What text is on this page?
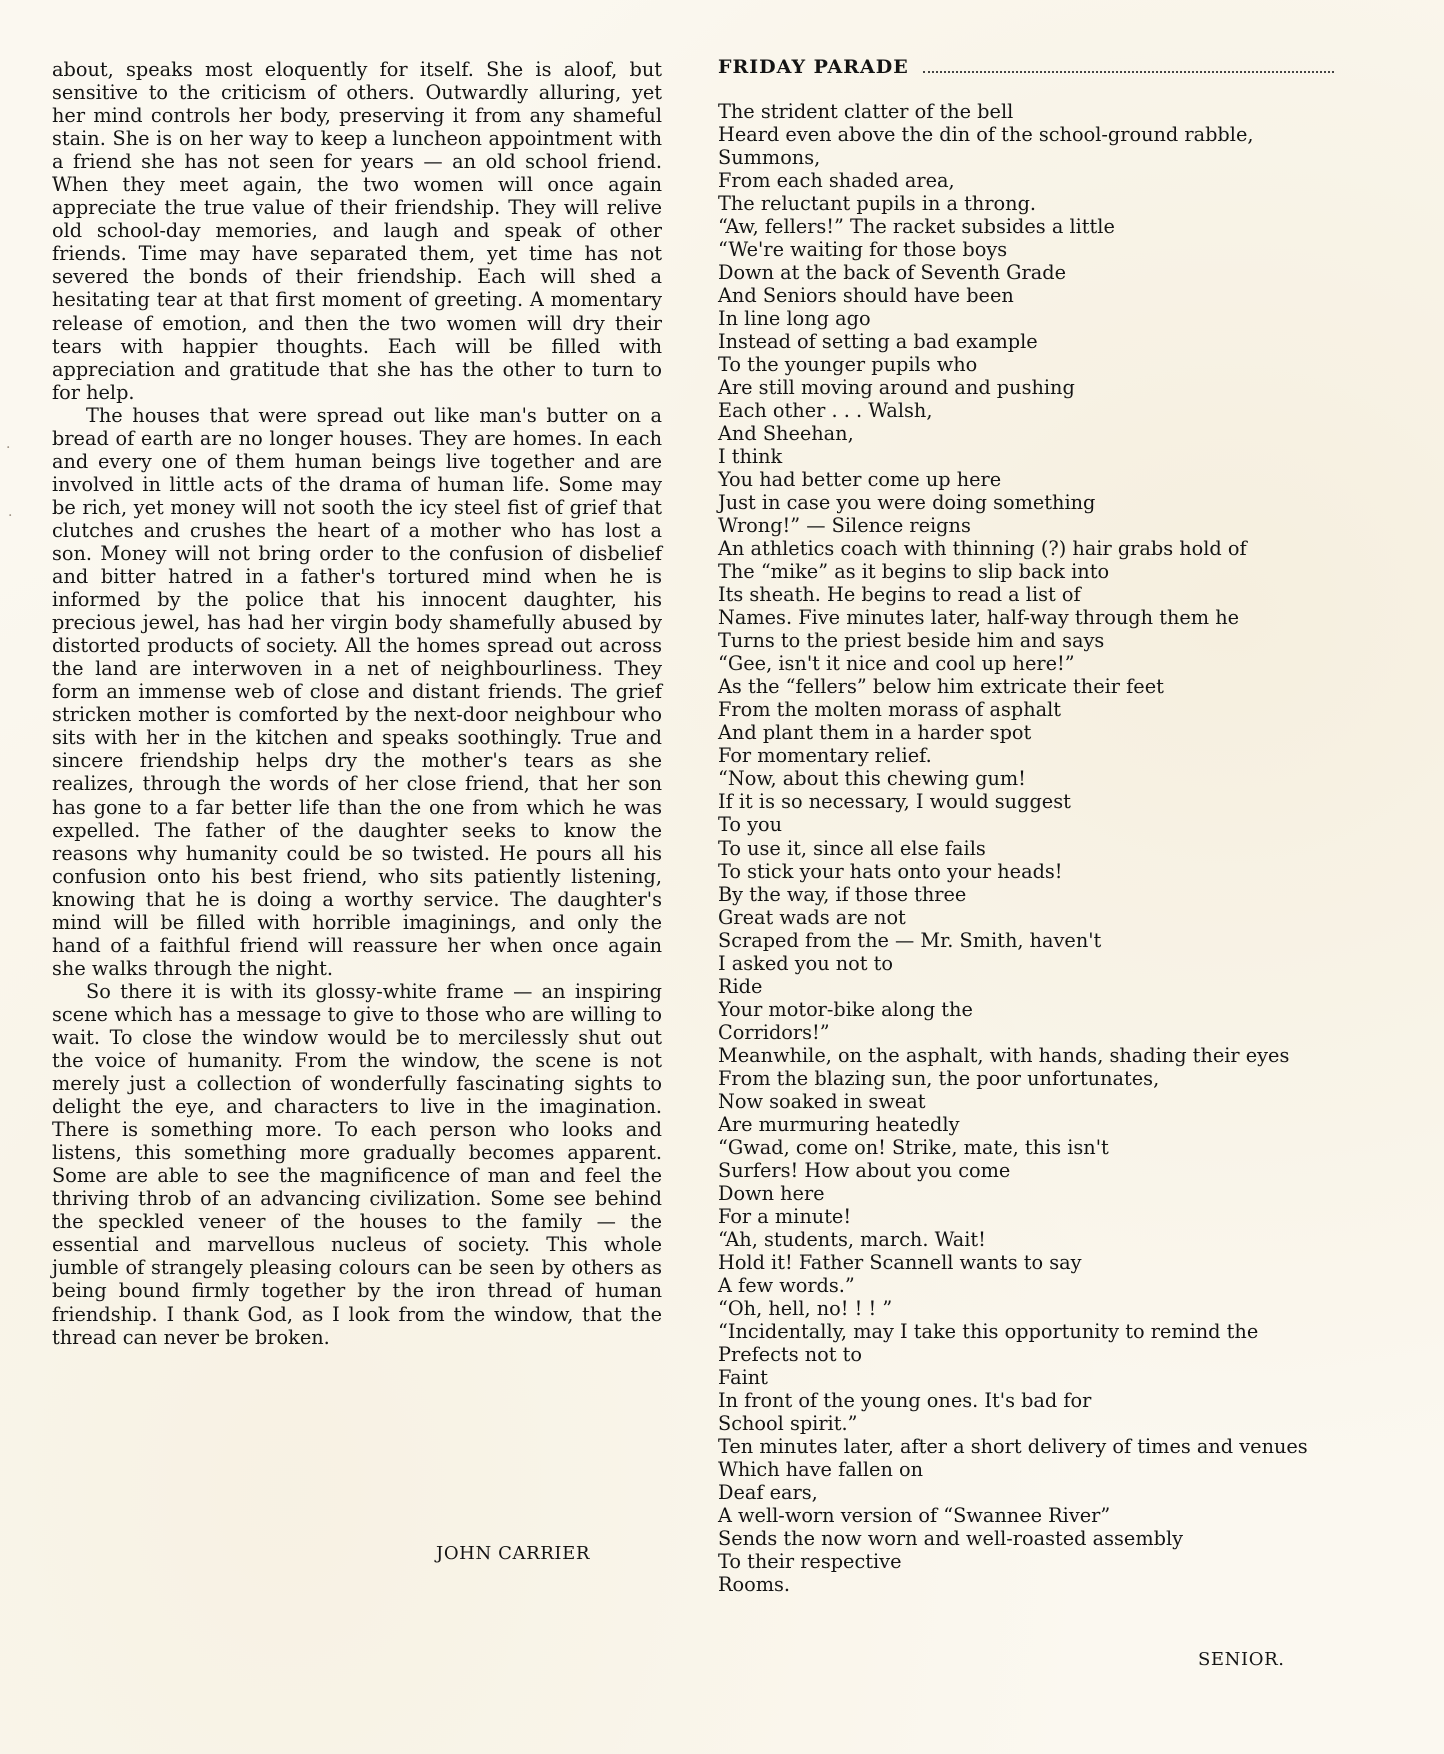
about, speaks most eloquently for itself. She is aloof, but sensitive to the criticism of others. Outwardly alluring, yet her mind controls her body, preserving it from any shameful stain. She is on her way to keep a luncheon appointment with a friend she has not seen for years — an old school friend. When they meet again, the two women will once again appreciate the true value of their friendship. They will relive old school-day memories, and laugh and speak of other friends. Time may have separated them, yet time has not severed the bonds of their friendship. Each will shed a hesitating tear at that first moment of greeting. A momentary release of emotion, and then the two women will dry their tears with happier thoughts. Each will be filled with appreciation and gratitude that she has the other to turn to for help.

The houses that were spread out like man's butter on a bread of earth are no longer houses. They are homes. In each and every one of them human beings live together and are involved in little acts of the drama of human life. Some may be rich, yet money will not sooth the icy steel fist of grief that clutches and crushes the heart of a mother who has lost a son. Money will not bring order to the confusion of disbelief and bitter hatred in a father's tortured mind when he is informed by the police that his innocent daughter, his precious jewel, has had her virgin body shamefully abused by distorted products of society. All the homes spread out across the land are interwoven in a net of neighbourliness. They form an immense web of close and distant friends. The grief stricken mother is comforted by the next-door neighbour who sits with her in the kitchen and speaks soothingly. True and sincere friendship helps dry the mother's tears as she realizes, through the words of her close friend, that her son has gone to a far better life than the one from which he was expelled. The father of the daughter seeks to know the reasons why humanity could be so twisted. He pours all his confusion onto his best friend, who sits patiently listening, knowing that he is doing a worthy service. The daughter's mind will be filled with horrible imaginings, and only the hand of a faithful friend will reassure her when once again she walks through the night.

So there it is with its glossy-white frame — an inspiring scene which has a message to give to those who are willing to wait. To close the window would be to mercilessly shut out the voice of humanity. From the window, the scene is not merely just a collection of wonderfully fascinating sights to delight the eye, and characters to live in the imagination. There is something more. To each person who looks and listens, this something more gradually becomes apparent. Some are able to see the magnificence of man and feel the thriving throb of an advancing civilization. Some see behind the speckled veneer of the houses to the family — the essential and marvellous nucleus of society. This whole jumble of strangely pleasing colours can be seen by others as being bound firmly together by the iron thread of human friendship. I thank God, as I look from the window, that the thread can never be broken.

JOHN CARRIER
FRIDAY PARADE
The strident clatter of the bell
Heard even above the din of the school-ground rabble,
Summons,
From each shaded area,
The reluctant pupils in a throng.
“Aw, fellers!” The racket subsides a little
“We're waiting for those boys
Down at the back of Seventh Grade
And Seniors should have been
In line long ago
Instead of setting a bad example
To the younger pupils who
Are still moving around and pushing
Each other . . . Walsh,
And Sheehan,
I think
You had better come up here
Just in case you were doing something
Wrong!” — Silence reigns
An athletics coach with thinning (?) hair grabs hold of
The “mike” as it begins to slip back into
Its sheath. He begins to read a list of
Names. Five minutes later, half-way through them he
Turns to the priest beside him and says
“Gee, isn't it nice and cool up here!”
As the “fellers” below him extricate their feet
From the molten morass of asphalt
And plant them in a harder spot
For momentary relief.
“Now, about this chewing gum!
If it is so necessary, I would suggest
To you
To use it, since all else fails
To stick your hats onto your heads!
By the way, if those three
Great wads are not
Scraped from the — Mr. Smith, haven't
I asked you not to
Ride
Your motor-bike along the
Corridors!”
Meanwhile, on the asphalt, with hands, shading their eyes
From the blazing sun, the poor unfortunates,
Now soaked in sweat
Are murmuring heatedly
“Gwad, come on! Strike, mate, this isn't
Surfers! How about you come
Down here
For a minute!
“Ah, students, march. Wait!
Hold it! Father Scannell wants to say
A few words.”
“Oh, hell, no! ! ! ”
“Incidentally, may I take this opportunity to remind the
Prefects not to
Faint
In front of the young ones. It's bad for
School spirit.”
Ten minutes later, after a short delivery of times and venues
Which have fallen on
Deaf ears,
A well-worn version of “Swannee River”
Sends the now worn and well-roasted assembly
To their respective
Rooms.
SENIOR.
·
·
